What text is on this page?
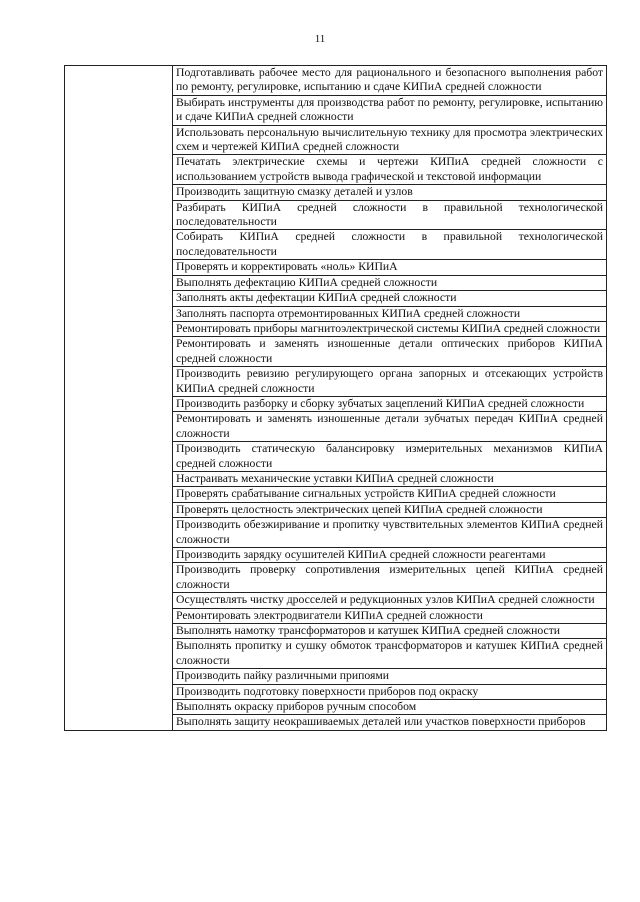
11
	Подготавливать рабочее место для рационального и безопасного выполнения работ по ремонту, регулировке, испытанию и сдаче КИПиА средней сложности
Выбирать инструменты для производства работ по ремонту, регулировке, испытанию и сдаче КИПиА средней сложности
Использовать персональную вычислительную технику для просмотра электрических схем и чертежей КИПиА средней сложности
Печатать электрические схемы и чертежи КИПиА средней сложности с использованием устройств вывода графической и текстовой информации
Производить защитную смазку деталей и узлов
Разбирать КИПиА средней сложности в правильной технологической последовательности
Собирать КИПиА средней сложности в правильной технологической последовательности
Проверять и корректировать «ноль» КИПиА
Выполнять дефектацию КИПиА средней сложности
Заполнять акты дефектации КИПиА средней сложности
Заполнять паспорта отремонтированных КИПиА средней сложности
Ремонтировать приборы магнитоэлектрической системы КИПиА средней сложности
Ремонтировать и заменять изношенные детали оптических приборов КИПиА средней сложности
Производить ревизию регулирующего органа запорных и отсекающих устройств КИПиА средней сложности
Производить разборку и сборку зубчатых зацеплений КИПиА средней сложности
Ремонтировать и заменять изношенные детали зубчатых передач КИПиА средней сложности
Производить статическую балансировку измерительных механизмов КИПиА средней сложности
Настраивать механические уставки КИПиА средней сложности
Проверять срабатывание сигнальных устройств КИПиА средней сложности
Проверять целостность электрических цепей КИПиА средней сложности
Производить обезжиривание и пропитку чувствительных элементов КИПиА средней сложности
Производить зарядку осушителей КИПиА средней сложности реагентами
Производить проверку сопротивления измерительных цепей КИПиА средней сложности
Осуществлять чистку дросселей и редукционных узлов КИПиА средней сложности
Ремонтировать электродвигатели КИПиА средней сложности
Выполнять намотку трансформаторов и катушек КИПиА средней сложности
Выполнять пропитку и сушку обмоток трансформаторов и катушек КИПиА средней сложности
Производить пайку различными припоями
Производить подготовку поверхности приборов под окраску
Выполнять окраску приборов ручным способом
Выполнять защиту неокрашиваемых деталей или участков поверхности приборов
